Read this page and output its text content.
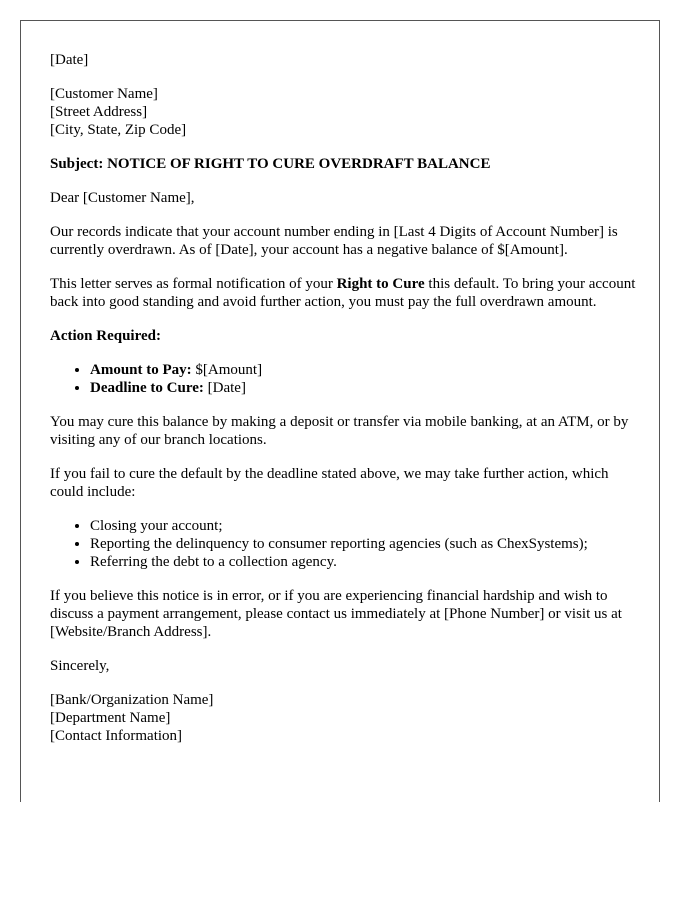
[Date]

[Customer Name]
[Street Address]
[City, State, Zip Code]

Subject: NOTICE OF RIGHT TO CURE OVERDRAFT BALANCE

Dear [Customer Name],

Our records indicate that your account number ending in [Last 4 Digits of Account Number] is currently overdrawn. As of [Date], your account has a negative balance of $[Amount].

This letter serves as formal notification of your Right to Cure this default. To bring your account back into good standing and avoid further action, you must pay the full overdrawn amount.

Action Required:

• Amount to Pay: $[Amount]
• Deadline to Cure: [Date]

You may cure this balance by making a deposit or transfer via mobile banking, at an ATM, or by visiting any of our branch locations.

If you fail to cure the default by the deadline stated above, we may take further action, which could include:

• Closing your account;
• Reporting the delinquency to consumer reporting agencies (such as ChexSystems);
• Referring the debt to a collection agency.

If you believe this notice is in error, or if you are experiencing financial hardship and wish to discuss a payment arrangement, please contact us immediately at [Phone Number] or visit us at [Website/Branch Address].

Sincerely,

[Bank/Organization Name]
[Department Name]
[Contact Information]
